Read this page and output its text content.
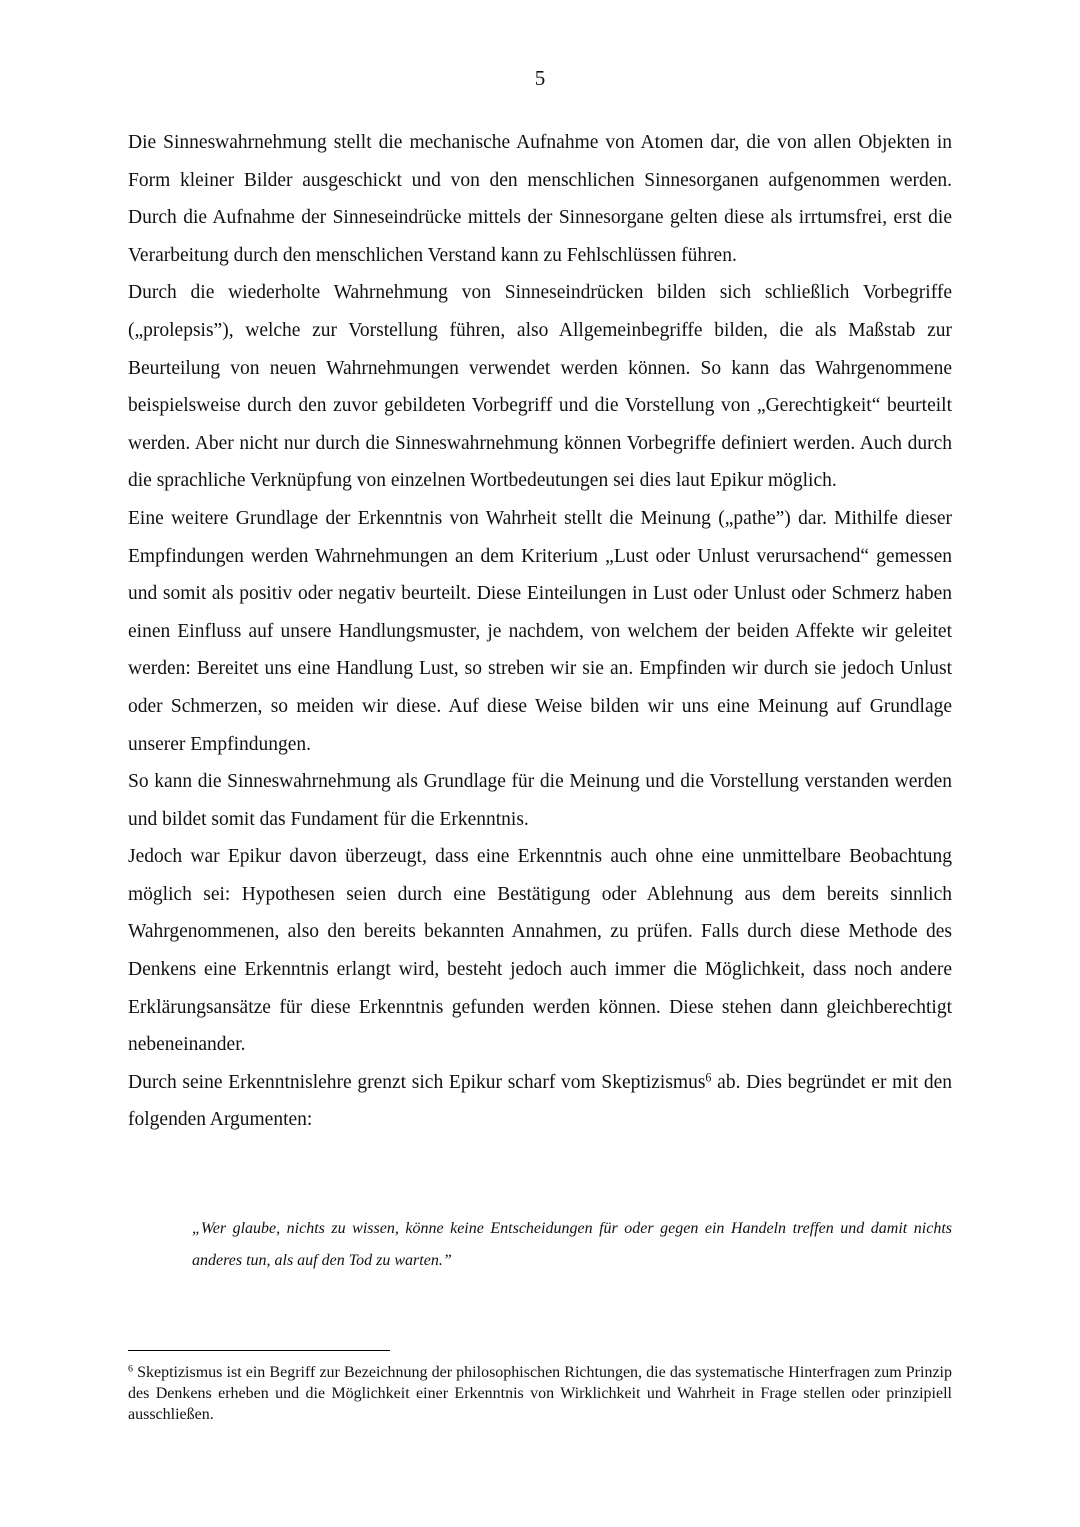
5

Die Sinneswahrnehmung stellt die mechanische Aufnahme von Atomen dar, die von allen Objekten in Form kleiner Bilder ausgeschickt und von den menschlichen Sinnesorganen aufgenommen werden. Durch die Aufnahme der Sinneseindrücke mittels der Sinnesorgane gelten diese als irrtumsfrei, erst die Verarbeitung durch den menschlichen Verstand kann zu Fehlschlüssen führen.

Durch die wiederholte Wahrnehmung von Sinneseindrücken bilden sich schließlich Vorbegriffe („prolepsis”), welche zur Vorstellung führen, also Allgemeinbegriffe bilden, die als Maßstab zur Beurteilung von neuen Wahrnehmungen verwendet werden können. So kann das Wahrgenommene beispielsweise durch den zuvor gebildeten Vorbegriff und die Vorstellung von „Gerechtigkeit“ beurteilt werden. Aber nicht nur durch die Sinneswahrnehmung können Vorbegriffe definiert werden. Auch durch die sprachliche Verknüpfung von einzelnen Wortbedeutungen sei dies laut Epikur möglich.

Eine weitere Grundlage der Erkenntnis von Wahrheit stellt die Meinung („pathe”) dar. Mithilfe dieser Empfindungen werden Wahrnehmungen an dem Kriterium „Lust oder Unlust verursachend“ gemessen und somit als positiv oder negativ beurteilt. Diese Einteilungen in Lust oder Unlust oder Schmerz haben einen Einfluss auf unsere Handlungsmuster, je nachdem, von welchem der beiden Affekte wir geleitet werden: Bereitet uns eine Handlung Lust, so streben wir sie an. Empfinden wir durch sie jedoch Unlust oder Schmerzen, so meiden wir diese. Auf diese Weise bilden wir uns eine Meinung auf Grundlage unserer Empfindungen.

So kann die Sinneswahrnehmung als Grundlage für die Meinung und die Vorstellung verstanden werden und bildet somit das Fundament für die Erkenntnis.

Jedoch war Epikur davon überzeugt, dass eine Erkenntnis auch ohne eine unmittelbare Beobachtung möglich sei: Hypothesen seien durch eine Bestätigung oder Ablehnung aus dem bereits sinnlich Wahrgenommenen, also den bereits bekannten Annahmen, zu prüfen. Falls durch diese Methode des Denkens eine Erkenntnis erlangt wird, besteht jedoch auch immer die Möglichkeit, dass noch andere Erklärungsansätze für diese Erkenntnis gefunden werden können. Diese stehen dann gleichberechtigt nebeneinander.

Durch seine Erkenntnislehre grenzt sich Epikur scharf vom Skeptizismus$^6$ ab. Dies begründet er mit den folgenden Argumenten:

„Wer glaube, nichts zu wissen, könne keine Entscheidungen für oder gegen ein Handeln treffen und damit nichts anderes tun, als auf den Tod zu warten.”
$^6$ Skeptizismus ist ein Begriff zur Bezeichnung der philosophischen Richtungen, die das systematische Hinterfragen zum Prinzip des Denkens erheben und die Möglichkeit einer Erkenntnis von Wirklichkeit und Wahrheit in Frage stellen oder prinzipiell ausschließen.
